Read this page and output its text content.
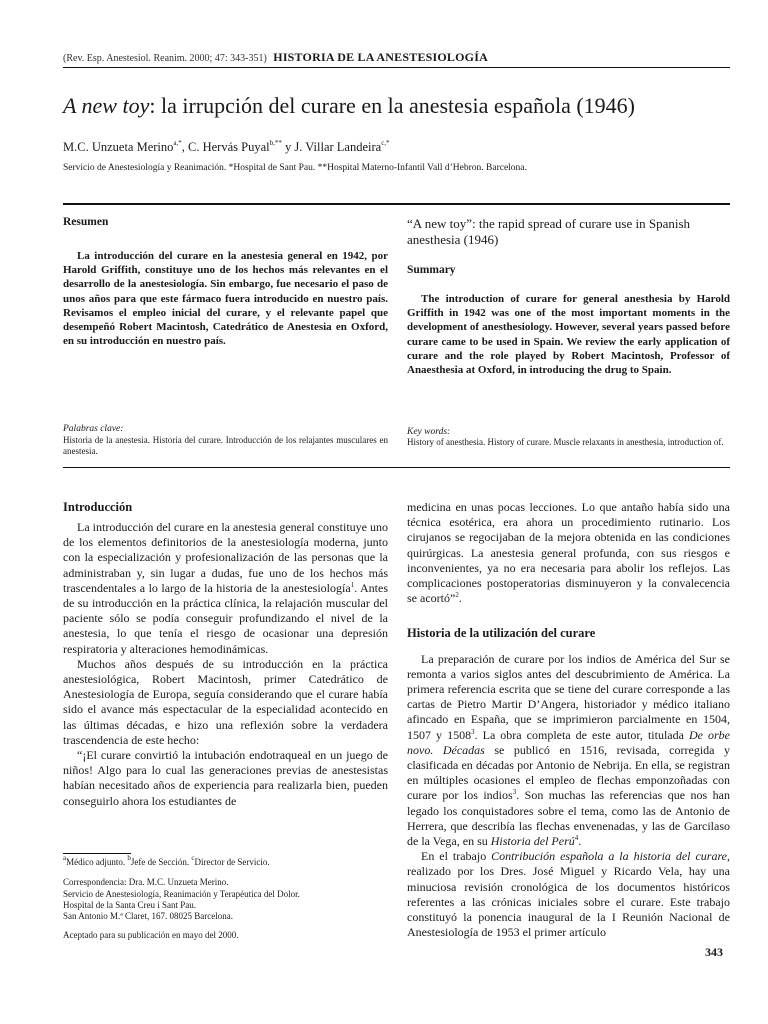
(Rev. Esp. Anestesiol. Reanim. 2000; 47: 343-351) HISTORIA DE LA ANESTESIOLOGÍA
A new toy: la irrupción del curare en la anestesia española (1946)
M.C. Unzueta Merino$^{a,*}$, C. Hervás Puyal$^{b,**}$ y J. Villar Landeira$^{c,*}$
Servicio de Anestesiología y Reanimación. *Hospital de Sant Pau. **Hospital Materno-Infantil Vall d’Hebron. Barcelona.
Resumen
La introducción del curare en la anestesia general en 1942, por Harold Griffith, constituye uno de los hechos más relevantes en el desarrollo de la anestesiología. Sin embargo, fue necesario el paso de unos años para que este fármaco fuera introducido en nuestro país. Revisamos el empleo inicial del curare, y el relevante papel que desempeñó Robert Macintosh, Catedrático de Anestesia en Oxford, en su introducción en nuestro país.
Palabras clave:
Historia de la anestesia. Historia del curare. Introducción de los relajantes musculares en anestesia.
“A new toy”: the rapid spread of curare use in Spanish anesthesia (1946)
Summary
The introduction of curare for general anesthesia by Harold Griffith in 1942 was one of the most important moments in the development of anesthesiology. However, several years passed before curare came to be used in Spain. We review the early application of curare and the role played by Robert Macintosh, Professor of Anaesthesia at Oxford, in introducing the drug to Spain.
Key words:
History of anesthesia. History of curare. Muscle relaxants in anesthesia, introduction of.
Introducción

La introducción del curare en la anestesia general constituye uno de los elementos definitorios de la anestesiología moderna, junto con la especialización y profesionalización de las personas que la administraban y, sin lugar a dudas, fue uno de los hechos más trascendentales a lo largo de la historia de la anestesiología$^1$. Antes de su introducción en la práctica clínica, la relajación muscular del paciente sólo se podía conseguir profundizando el nivel de la anestesia, lo que tenía el riesgo de ocasionar una depresión respiratoria y alteraciones hemodinámicas.

Muchos años después de su introducción en la práctica anestesiológica, Robert Macintosh, primer Catedrático de Anestesiología de Europa, seguía considerando que el curare había sido el avance más espectacular de la especialidad acontecido en las últimas décadas, e hizo una reflexión sobre la verdadera trascendencia de este hecho:

“¡El curare convirtió la intubación endotraqueal en un juego de niños! Algo para lo cual las generaciones previas de anestesistas habían necesitado años de experiencia para realizarla bien, pueden conseguirlo ahora los estudiantes de

$^a$Médico adjunto. $^b$Jefe de Sección. $^c$Director de Servicio.
Correspondencia: Dra. M.C. Unzueta Merino.
Servicio de Anestesiología, Reanimación y Terapéutica del Dolor.
Hospital de la Santa Creu i Sant Pau.
San Antonio M.ª Claret, 167. 08025 Barcelona.
Aceptado para su publicación en mayo del 2000.

medicina en unas pocas lecciones. Lo que antaño había sido una técnica esotérica, era ahora un procedimiento rutinario. Los cirujanos se regocijaban de la mejora obtenida en las condiciones quirúrgicas. La anestesia general profunda, con sus riesgos e inconvenientes, ya no era necesaria para abolir los reflejos. Las complicaciones postoperatorias disminuyeron y la convalecencia se acortó”$^2$.

Historia de la utilización del curare

La preparación de curare por los indios de América del Sur se remonta a varios siglos antes del descubrimiento de América. La primera referencia escrita que se tiene del curare corresponde a las cartas de Pietro Martir D’Angera, historiador y médico italiano afincado en España, que se imprimieron parcialmente en 1504, 1507 y 1508$^3$. La obra completa de este autor, titulada De orbe novo. Décadas se publicó en 1516, revisada, corregida y clasificada en décadas por Antonio de Nebrija. En ella, se registran en múltiples ocasiones el empleo de flechas emponzoñadas con curare por los indios$^3$. Son muchas las referencias que nos han legado los conquistadores sobre el tema, como las de Antonio de Herrera, que describía las flechas envenenadas, y las de Garcilaso de la Vega, en su Historia del Perú$^4$.

En el trabajo Contribución española a la historia del curare, realizado por los Dres. José Miguel y Ricardo Vela, hay una minuciosa revisión cronológica de los documentos históricos referentes a las crónicas iniciales sobre el curare. Este trabajo constituyó la ponencia inaugural de la I Reunión Nacional de Anestesiología de 1953 el primer artículo

343
